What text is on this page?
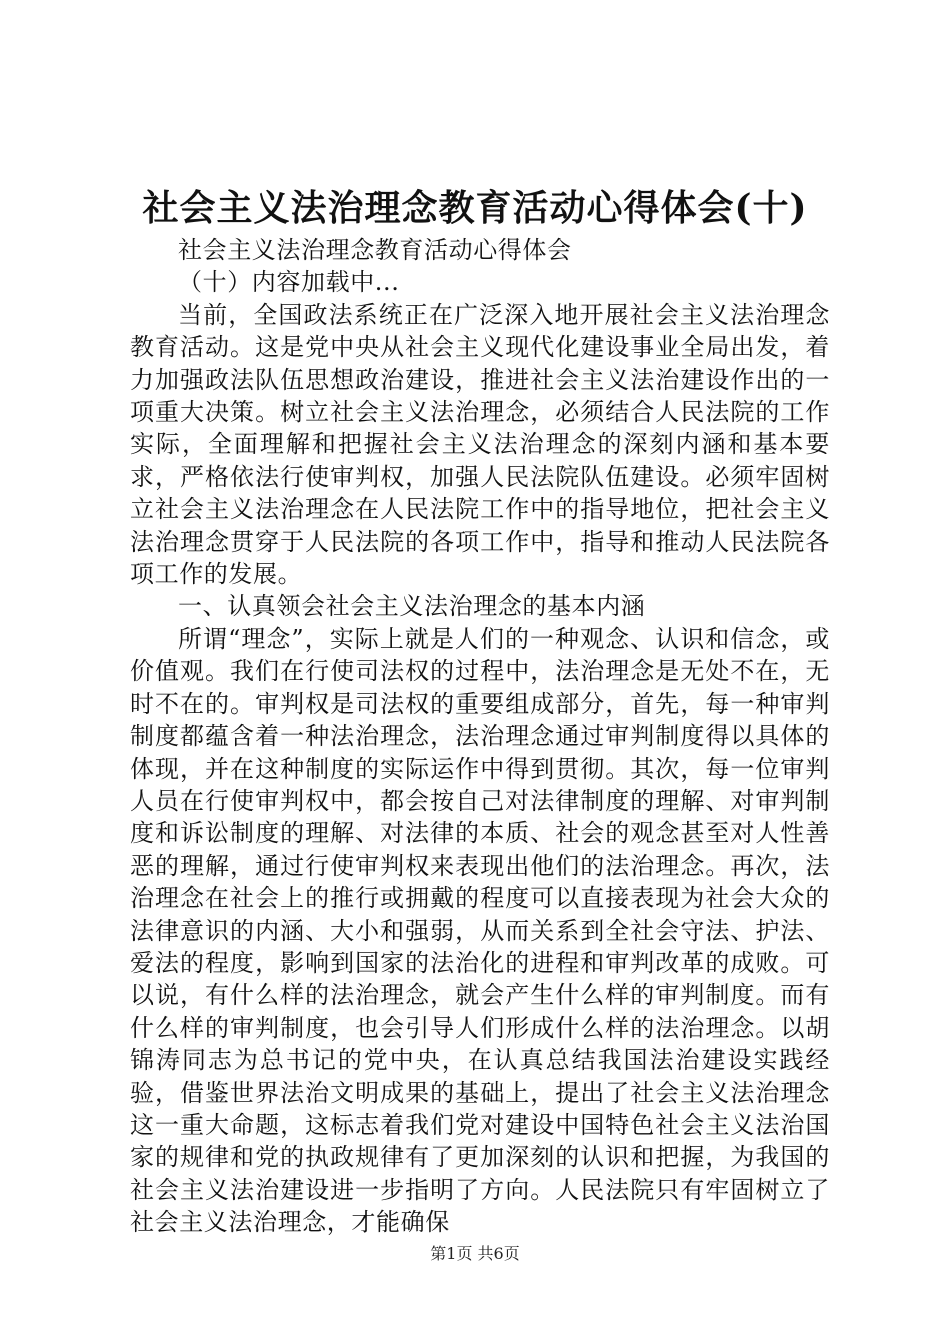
社会主义法治理念教育活动心得体会(十)

社会主义法治理念教育活动心得体会

（十）内容加载中...

当前，全国政法系统正在广泛深入地开展社会主义法治理念教育活动。这是党中央从社会主义现代化建设事业全局出发，着力加强政法队伍思想政治建设，推进社会主义法治建设作出的一项重大决策。树立社会主义法治理念，必须结合人民法院的工作实际，全面理解和把握社会主义法治理念的深刻内涵和基本要求，严格依法行使审判权，加强人民法院队伍建设。必须牢固树立社会主义法治理念在人民法院工作中的指导地位，把社会主义法治理念贯穿于人民法院的各项工作中，指导和推动人民法院各项工作的发展。

一、认真领会社会主义法治理念的基本内涵

所谓“理念”，实际上就是人们的一种观念、认识和信念，或价值观。我们在行使司法权的过程中，法治理念是无处不在，无时不在的。审判权是司法权的重要组成部分，首先，每一种审判制度都蕴含着一种法治理念，法治理念通过审判制度得以具体的体现，并在这种制度的实际运作中得到贯彻。其次，每一位审判人员在行使审判权中，都会按自己对法律制度的理解、对审判制度和诉讼制度的理解、对法律的本质、社会的观念甚至对人性善恶的理解，通过行使审判权来表现出他们的法治理念。再次，法治理念在社会上的推行或拥戴的程度可以直接表现为社会大众的法律意识的内涵、大小和强弱，从而关系到全社会守法、护法、爱法的程度，影响到国家的法治化的进程和审判改革的成败。可以说，有什么样的法治理念，就会产生什么样的审判制度。而有什么样的审判制度，也会引导人们形成什么样的法治理念。以胡锦涛同志为总书记的党中央，在认真总结我国法治建设实践经验，借鉴世界法治文明成果的基础上，提出了社会主义法治理念这一重大命题，这标志着我们党对建设中国特色社会主义法治国家的规律和党的执政规律有了更加深刻的认识和把握，为我国的社会主义法治建设进一步指明了方向。人民法院只有牢固树立了社会主义法治理念，才能确保

第1页 共6页
